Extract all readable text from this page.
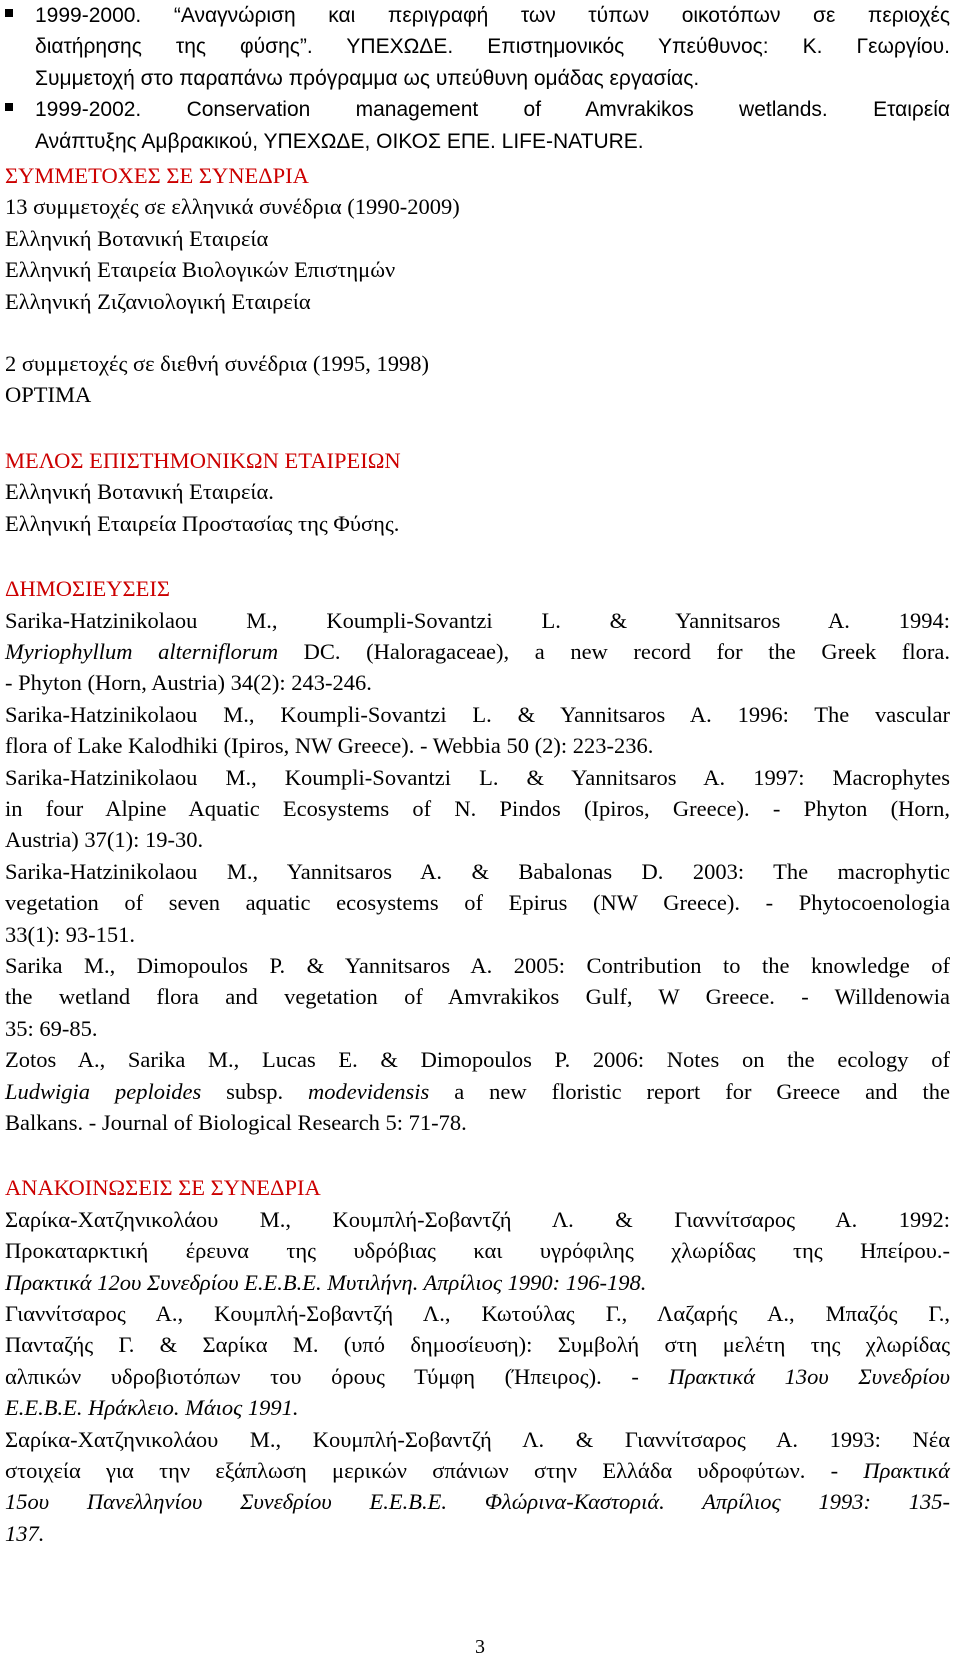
1999-2000. “Αναγνώριση και περιγραφή των τύπων οικοτόπων σε περιοχές
διατήρησης της φύσης”. ΥΠΕΧΩΔΕ. Επιστημονικός Υπεύθυνος: Κ. Γεωργίου.
Συμμετοχή στο παραπάνω πρόγραμμα ως υπεύθυνη ομάδας εργασίας.
1999-2002. Conservation management of Amvrakikos wetlands. Εταιρεία
Ανάπτυξης Αμβρακικού, ΥΠΕΧΩΔΕ, ΟΙΚΟΣ ΕΠΕ. LIFE-NATURE.

ΣΥΜΜΕΤΟΧΕΣ ΣΕ ΣΥΝΕΔΡΙΑ

13 συμμετοχές σε ελληνικά συνέδρια (1990-2009)

Ελληνική Βοτανική Εταιρεία

Ελληνική Εταιρεία Βιολογικών Επιστημών

Ελληνική Ζιζανιολογική Εταιρεία

2 συμμετοχές σε διεθνή συνέδρια (1995, 1998)

OPTIMA

ΜΕΛΟΣ ΕΠΙΣΤΗΜΟΝΙΚΩΝ ΕΤΑΙΡΕΙΩΝ

Ελληνική Βοτανική Εταιρεία.

Ελληνική Εταιρεία Προστασίας της Φύσης.

ΔΗΜΟΣΙΕΥΣΕΙΣ

Sarika-Hatzinikolaou M., Koumpli-Sovantzi L. & Yannitsaros A. 1994:
Myriophyllum alterniflorum DC. (Haloragaceae), a new record for the Greek flora.
- Phyton (Horn, Austria) 34(2): 243-246.
Sarika-Hatzinikolaou M., Koumpli-Sovantzi L. & Yannitsaros A. 1996: The vascular
flora of Lake Kalodhiki (Ipiros, NW Greece). - Webbia 50 (2): 223-236.
Sarika-Hatzinikolaou M., Koumpli-Sovantzi L. & Yannitsaros A. 1997: Macrophytes
in four Alpine Aquatic Ecosystems of N. Pindos (Ipiros, Greece). - Phyton (Horn,
Austria) 37(1): 19-30.
Sarika-Hatzinikolaou M., Yannitsaros A. & Babalonas D. 2003: The macrophytic
vegetation of seven aquatic ecosystems of Epirus (NW Greece). - Phytocoenologia
33(1): 93-151.
Sarika M., Dimopoulos P. & Yannitsaros A. 2005: Contribution to the knowledge of
the wetland flora and vegetation of Amvrakikos Gulf, W Greece. - Willdenowia
35: 69-85.
Zotos A., Sarika M., Lucas E. & Dimopoulos P. 2006: Notes on the ecology of
Ludwigia peploides subsp. modevidensis a new floristic report for Greece and the
Balkans. - Journal of Biological Research 5: 71-78.

ΑΝΑΚΟΙΝΩΣΕΙΣ ΣΕ ΣΥΝΕΔΡΙΑ

Σαρίκα-Χατζηνικολάου Μ., Κουμπλή-Σοβαντζή Λ. & Γιαννίτσαρος Α. 1992:
Προκαταρκτική έρευνα της υδρόβιας και υγρόφιλης χλωρίδας της Ηπείρου.-
Πρακτικά 12ου Συνεδρίου Ε.Ε.Β.Ε. Μυτιλήνη. Απρίλιος 1990: 196-198.
Γιαννίτσαρος Α., Κουμπλή-Σοβαντζή Λ., Κωτούλας Γ., Λαζαρής Α., Μπαζός Γ.,
Πανταζής Γ. & Σαρίκα Μ. (υπό δημοσίευση): Συμβολή στη μελέτη της χλωρίδας
αλπικών υδροβιοτόπων του όρους Τύμφη (Ήπειρος). - Πρακτικά 13ου Συνεδρίου
Ε.Ε.Β.Ε. Ηράκλειο. Μάιος 1991.
Σαρίκα-Χατζηνικολάου Μ., Κουμπλή-Σοβαντζή Λ. & Γιαννίτσαρος Α. 1993: Νέα
στοιχεία για την εξάπλωση μερικών σπάνιων στην Ελλάδα υδροφύτων. - Πρακτικά
15ου Πανελληνίου Συνεδρίου Ε.Ε.Β.Ε. Φλώρινα-Καστοριά. Απρίλιος 1993: 135-
137.
3
